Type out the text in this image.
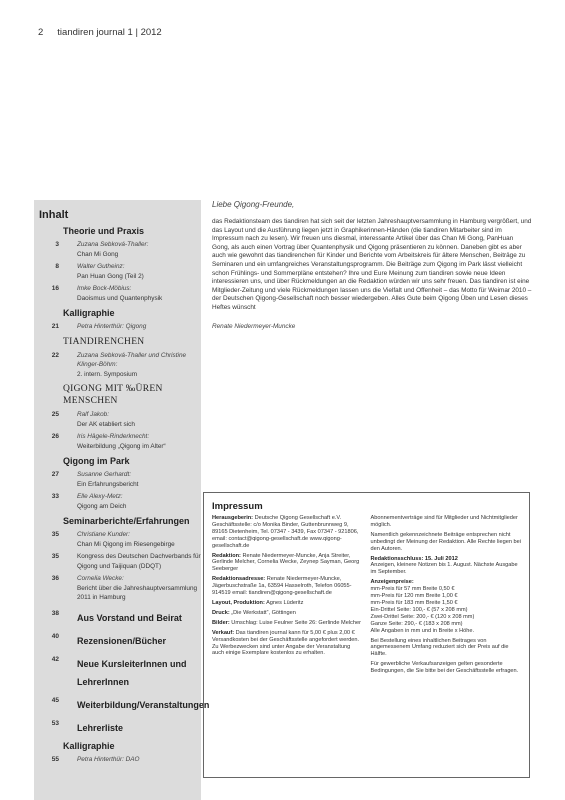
2 tiandiren journal 1 | 2012
Inhalt
Theorie und Praxis
3	Zuzana Sebková-Thaller:
Chan Mi Gong
8	Walter Gutheinz:
Pan Huan Gong (Teil 2)
16	Imke Bock-Möbius:
Daoismus und Quantenphysik
Kalligraphie
21	Petra Hinterthür: Qigong
TIANDIRENCHEN
22	Zuzana Sebková-Thaller und Christine Klinger-Böhm:
2. intern. Symposium
QIGONG MIT ‰ÜREN MENSCHEN
25	Ralf Jakob:
Der AK etabliert sich
26	Iris Hägele-Rinderknecht:
Weiterbildung „Qigong im Alter“
Qigong im Park
27	Susanne Gerhardt:
Ein Erfahrungsbericht
33	Elle Alexy-Metz:
Qigong am Deich
Seminarberichte/Erfahrungen
35	Christiane Kunder:
Chan Mi Qigong im Riesengebirge
35	Kongress des Deutschen Dachverbands für Qigong und Taijiquan (DDQT)
36	Cornelia Wecke:
Bericht über die Jahreshauptversammlung 2011 in Hamburg
38 Aus Vorstand und Beirat
40 Rezensionen/Bücher
42 Neue KursleiterInnen und LehrerInnen
45 Weiterbildung/Veranstaltungen
53 Lehrerliste
Kalligraphie
55	Petra Hinterthür: DAO
Liebe Qigong-Freunde,

das Redaktionsteam des tiandiren hat sich seit der letzten Jahreshauptversammlung in Hamburg vergrößert, und das Layout und die Ausführung liegen jetzt in Graphikerinnen-Händen (die tiandiren Mitarbeiter sind im Impressum nach zu lesen). Wir freuen uns diesmal, interessante Artikel über das Chan Mi Gong, PanHuan Gong, als auch einen Vortrag über Quantenphysik und Qigong präsentieren zu können. Daneben gibt es aber auch wie gewohnt das tiandirenchen für Kinder und Berichte vom Arbeitskreis für ältere Menschen, Beiträge zu Seminaren und ein umfangreiches Veranstaltungsprogramm. Die Beiträge zum Qigong im Park lässt vielleicht schon Frühlings- und Sommerpläne entstehen? Ihre und Eure Meinung zum tiandiren sowie neue Ideen interessieren uns, und über Rückmeldungen an die Redaktion würden wir uns sehr freuen. Das tiandiren ist eine Mitglieder-Zeitung und viele Rückmeldungen lassen uns die Vielfalt und Offenheit – das Motto für Weimar 2010 – der Deutschen Qigong-Gesellschaft noch besser wiedergeben. Alles Gute beim Qigong Üben und Lesen dieses Heftes wünscht

Renate Niedermeyer-Muncke
Impressum
Herausgeberin: Deutsche Qigong Gesellschaft e.V. Geschäftsstelle: c/o Monika Binder, Guttenbrunnweg 9, 89165 Dietenheim, Tel. 07347 - 3439, Fax 07347 - 921806, email: contact@qigong-gesellschaft.de www.qigong-gesellschaft.de
Redaktion: Renate Niedermeyer-Muncke, Anja Streiter, Gerlinde Melcher, Cornelia Wecke, Zeynep Sayman, Georg Seeberger
Redaktionsadresse: Renate Niedermeyer-Muncke, Jägerbuschstraße 1a, 63594 Hasselroth, Telefon 06055-914519 email: tiandiren@qigong-gesellschaft.de
Layout, Produktion: Agnes Lüderitz
Druck: „Die Werkstatt“, Göttingen
Bilder: Umschlag: Luise Feulner Seite 26: Gerlinde Melcher
Verkauf: Das tiandiren journal kann für 5,00 € plus 2,00 € Versandkosten bei der Geschäftsstelle angefordert werden. Zu Werbezwecken sind unter Angabe der Veranstaltung auch einige Exemplare kostenlos zu erhalten.
Abonnementverträge sind für Mitglieder und Nichtmitglieder möglich.
Namentlich gekennzeichnete Beiträge entsprechen nicht unbedingt der Meinung der Redaktion. Alle Rechte liegen bei den Autoren.
Redaktionsschluss: 15. Juli 2012
Anzeigen, kleinere Notizen bis 1. August. Nächste Ausgabe im September.
Anzeigenpreise:
mm-Preis für 57 mm Breite 0,50 €
mm-Preis für 120 mm Breite 1,00 €
mm-Preis für 183 mm Breite 1,50 €
Ein-Drittel Seite: 100,- € (57 x 208 mm)
Zwei-Drittel Seite: 200,- € (120 x 208 mm)
Ganze Seite: 290,- € (183 x 208 mm)
Alle Angaben in mm und in Breite x Höhe.
Bei Bestellung eines inhaltlichen Beitrages von angemessenem Umfang reduziert sich der Preis auf die Hälfte.
Für gewerbliche Verkaufsanzeigen gelten gesonderte Bedingungen, die Sie bitte bei der Geschäftsstelle erfragen.
